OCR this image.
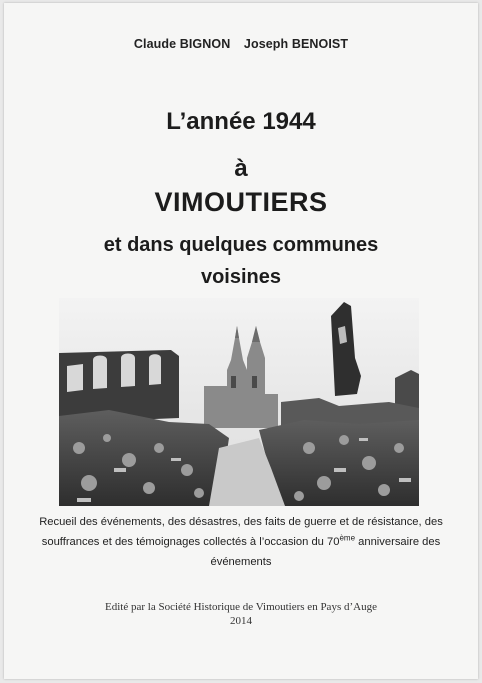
Claude BIGNON Joseph BENOIST
L’année 1944
à
VIMOUTIERS
et dans quelques communes
voisines
Recueil des événements, des désastres, des faits de guerre et de résistance, des souffrances et des témoignages collectés à l’occasion du 70ème anniversaire des événements
Edité par la Société Historique de Vimoutiers en Pays d’Auge
2014
